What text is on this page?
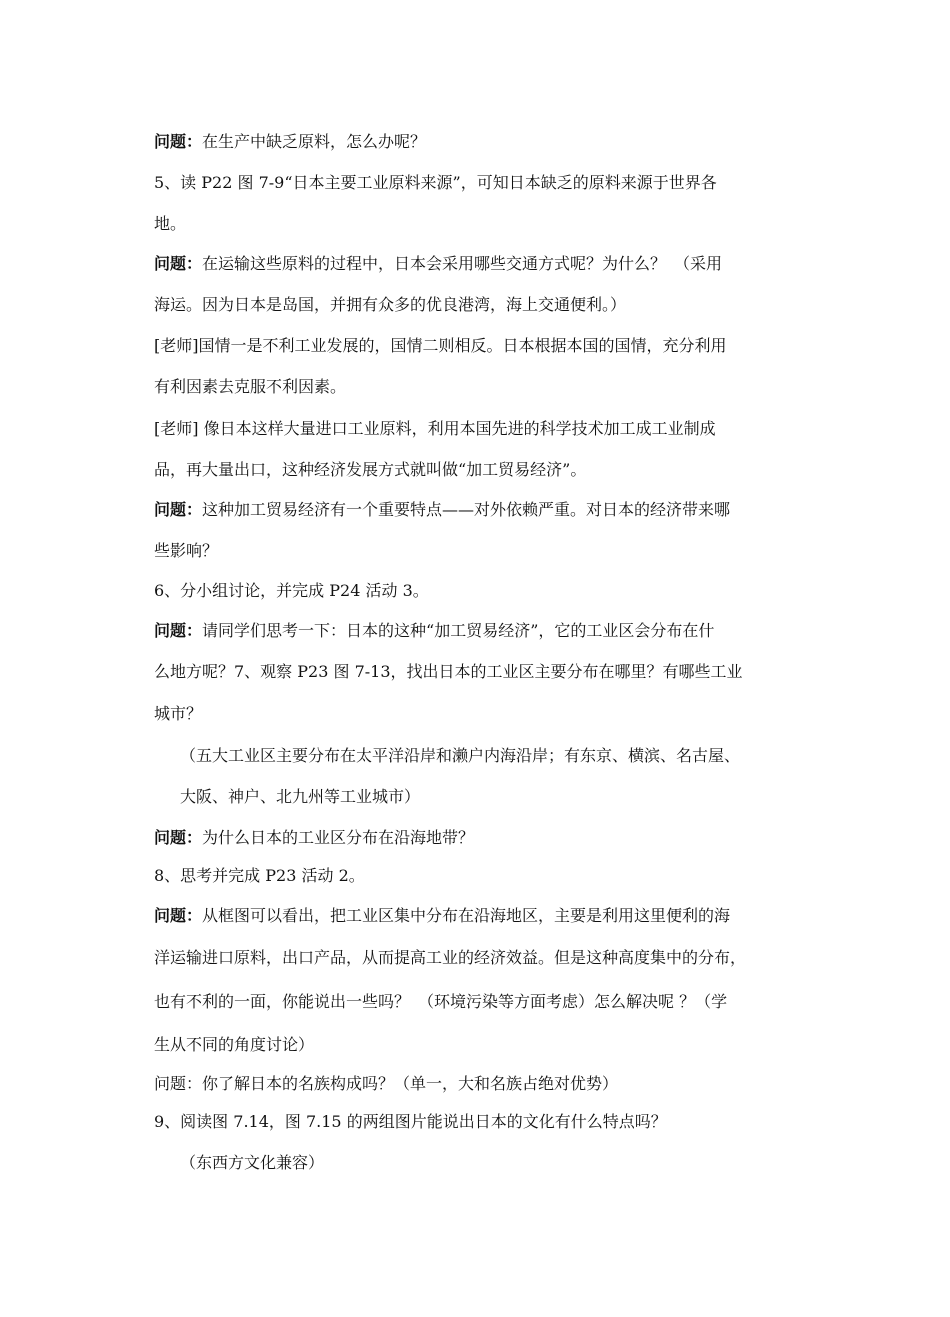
问题：在生产中缺乏原料，怎么办呢？
5、读 P22 图 7-9“日本主要工业原料来源”，可知日本缺乏的原料来源于世界各
地。
问题：在运输这些原料的过程中，日本会采用哪些交通方式呢？为什么？　（采用
海运。因为日本是岛国，并拥有众多的优良港湾，海上交通便利。）
[老师]国情一是不利工业发展的，国情二则相反。日本根据本国的国情，充分利用
有利因素去克服不利因素。
[老师] 像日本这样大量进口工业原料，利用本国先进的科学技术加工成工业制成
品，再大量出口，这种经济发展方式就叫做“加工贸易经济”。
问题：这种加工贸易经济有一个重要特点——对外依赖严重。对日本的经济带来哪
些影响？
6、分小组讨论，并完成 P24 活动 3。
问题：请同学们思考一下：日本的这种“加工贸易经济”，它的工业区会分布在什
么地方呢？7、观察 P23 图 7-13，找出日本的工业区主要分布在哪里？有哪些工业
城市？
（五大工业区主要分布在太平洋沿岸和濑户内海沿岸；有东京、横滨、名古屋、
大阪、神户、北九州等工业城市）
问题：为什么日本的工业区分布在沿海地带？
8、思考并完成 P23 活动 2。
问题：从框图可以看出，把工业区集中分布在沿海地区，主要是利用这里便利的海
洋运输进口原料，出口产品，从而提高工业的经济效益。但是这种高度集中的分布，
也有不利的一面，你能说出一些吗？　（环境污染等方面考虑）怎么解决呢 ？（学
生从不同的角度讨论）
问题：你了解日本的名族构成吗？（单一，大和名族占绝对优势）
9、阅读图 7.14，图 7.15 的两组图片能说出日本的文化有什么特点吗？
（东西方文化兼容）
